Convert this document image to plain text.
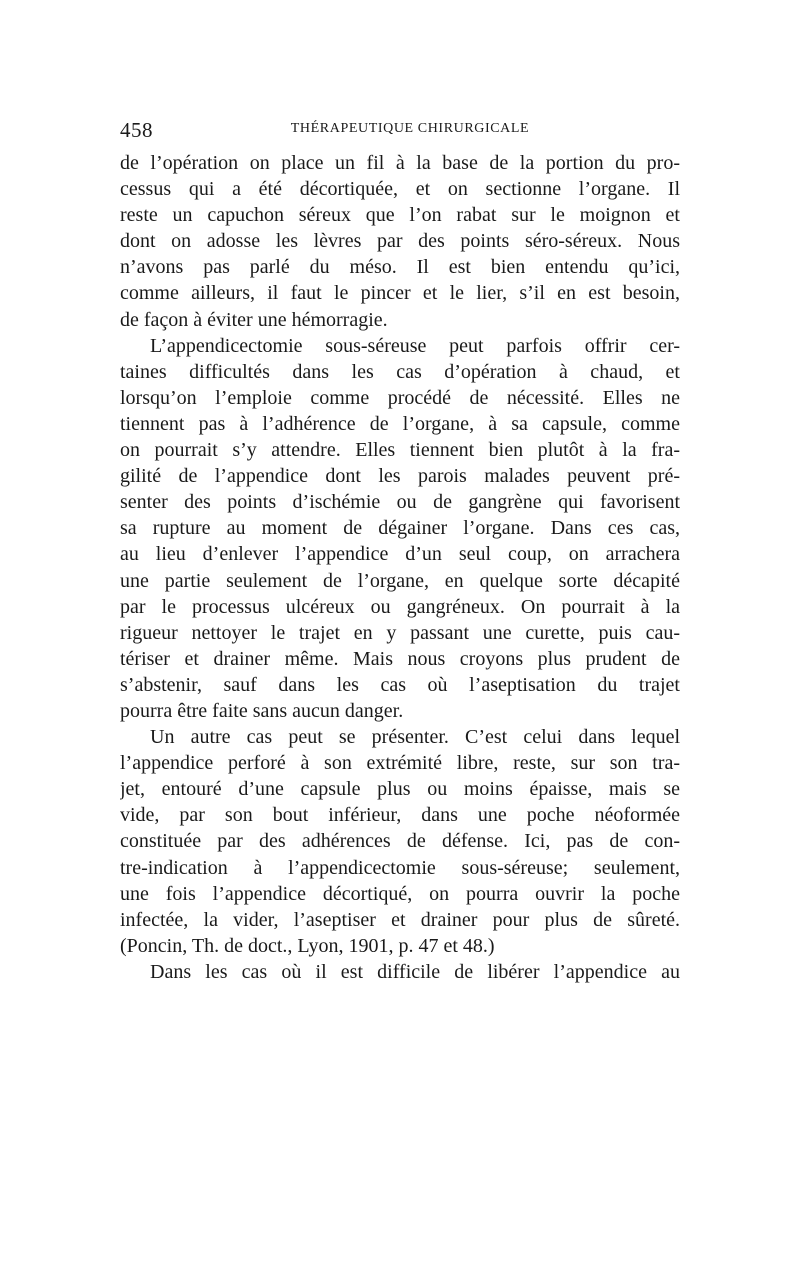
458	THÉRAPEUTIQUE CHIRURGICALE
de l’opération on place un fil à la base de la portion du pro-
cessus qui a été décortiquée, et on sectionne l’organe. Il
reste un capuchon séreux que l’on rabat sur le moignon et
dont on adosse les lèvres par des points séro-séreux. Nous
n’avons pas parlé du méso. Il est bien entendu qu’ici,
comme ailleurs, il faut le pincer et le lier, s’il en est besoin,
de façon à éviter une hémorragie.
L’appendicectomie sous-séreuse peut parfois offrir cer-
taines difficultés dans les cas d’opération à chaud, et
lorsqu’on l’emploie comme procédé de nécessité. Elles ne
tiennent pas à l’adhérence de l’organe, à sa capsule, comme
on pourrait s’y attendre. Elles tiennent bien plutôt à la fra-
gilité de l’appendice dont les parois malades peuvent pré-
senter des points d’ischémie ou de gangrène qui favorisent
sa rupture au moment de dégainer l’organe. Dans ces cas,
au lieu d’enlever l’appendice d’un seul coup, on arrachera
une partie seulement de l’organe, en quelque sorte décapité
par le processus ulcéreux ou gangréneux. On pourrait à la
rigueur nettoyer le trajet en y passant une curette, puis cau-
tériser et drainer même. Mais nous croyons plus prudent de
s’abstenir, sauf dans les cas où l’aseptisation du trajet
pourra être faite sans aucun danger.
Un autre cas peut se présenter. C’est celui dans lequel
l’appendice perforé à son extrémité libre, reste, sur son tra-
jet, entouré d’une capsule plus ou moins épaisse, mais se
vide, par son bout inférieur, dans une poche néoformée
constituée par des adhérences de défense. Ici, pas de con-
tre-indication à l’appendicectomie sous-séreuse; seulement,
une fois l’appendice décortiqué, on pourra ouvrir la poche
infectée, la vider, l’aseptiser et drainer pour plus de sûreté.
(Poncin, Th. de doct., Lyon, 1901, p. 47 et 48.)
Dans les cas où il est difficile de libérer l’appendice au
